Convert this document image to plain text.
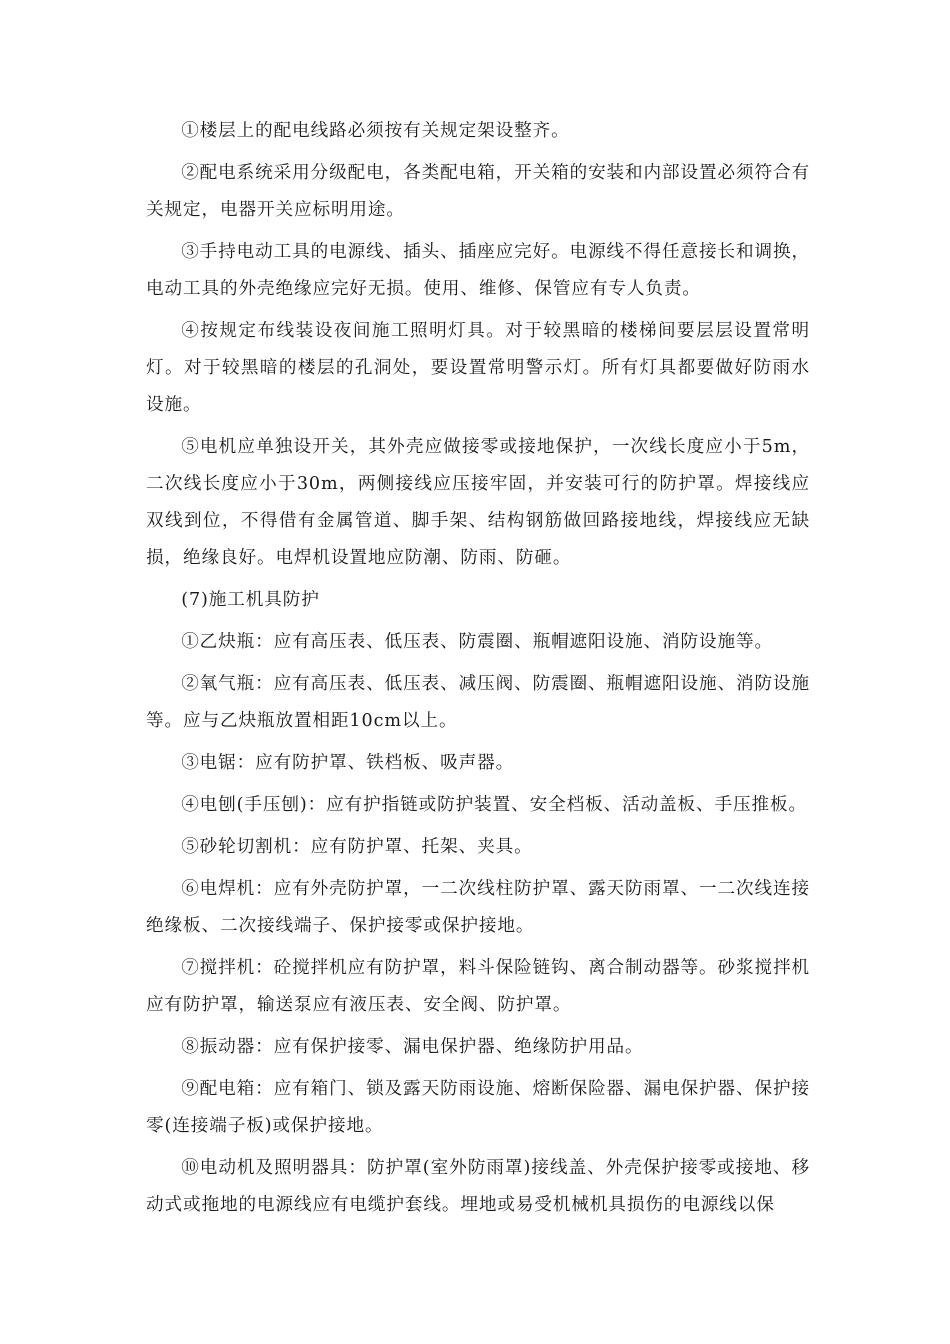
①楼层上的配电线路必须按有关规定架设整齐。

②配电系统采用分级配电，各类配电箱，开关箱的安装和内部设置必须符合有关规定，电器开关应标明用途。

③手持电动工具的电源线、插头、插座应完好。电源线不得任意接长和调换，电动工具的外壳绝缘应完好无损。使用、维修、保管应有专人负责。

④按规定布线装设夜间施工照明灯具。对于较黑暗的楼梯间要层层设置常明灯。对于较黑暗的楼层的孔洞处，要设置常明警示灯。所有灯具都要做好防雨水设施。

⑤电机应单独设开关，其外壳应做接零或接地保护，一次线长度应小于5m，二次线长度应小于30m，两侧接线应压接牢固，并安装可行的防护罩。焊接线应双线到位，不得借有金属管道、脚手架、结构钢筋做回路接地线，焊接线应无缺损，绝缘良好。电焊机设置地应防潮、防雨、防砸。

(7)施工机具防护

①乙炔瓶：应有高压表、低压表、防震圈、瓶帽遮阳设施、消防设施等。

②氧气瓶：应有高压表、低压表、减压阀、防震圈、瓶帽遮阳设施、消防设施等。应与乙炔瓶放置相距10cm以上。

③电锯：应有防护罩、铁档板、吸声器。

④电刨(手压刨)：应有护指链或防护装置、安全档板、活动盖板、手压推板。

⑤砂轮切割机：应有防护罩、托架、夹具。

⑥电焊机：应有外壳防护罩，一二次线柱防护罩、露天防雨罩、一二次线连接绝缘板、二次接线端子、保护接零或保护接地。

⑦搅拌机：砼搅拌机应有防护罩，料斗保险链钩、离合制动器等。砂浆搅拌机应有防护罩，输送泵应有液压表、安全阀、防护罩。

⑧振动器：应有保护接零、漏电保护器、绝缘防护用品。

⑨配电箱：应有箱门、锁及露天防雨设施、熔断保险器、漏电保护器、保护接零(连接端子板)或保护接地。

⑩电动机及照明器具：防护罩(室外防雨罩)接线盖、外壳保护接零或接地、移动式或拖地的电源线应有电缆护套线。埋地或易受机械机具损伤的电源线以保
